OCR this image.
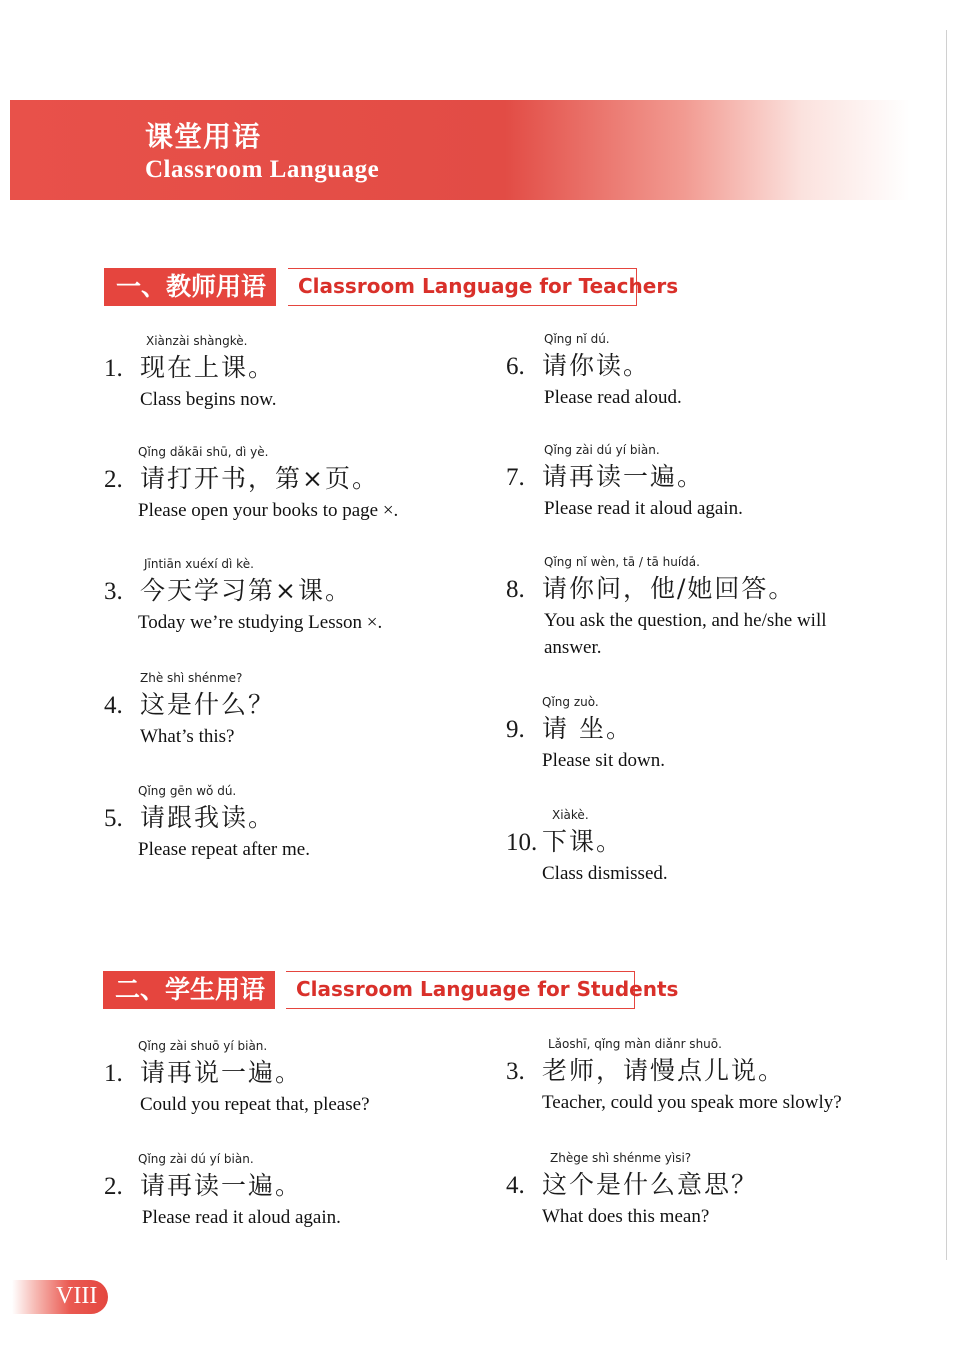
课堂用语
Classroom Language
一、教师用语	Classroom Language for Teachers
Xiànzài shàngkè.
1. 现在上课。
Class begins now.
Qǐng dǎkāi shū, dì yè.
2. 请打开书，第×页。
Please open your books to page ×.
Jīntiān xuéxí dì kè.
3. 今天学习第×课。
Today we’re studying Lesson ×.
Zhè shì shénme?
4. 这是什么？
What’s this?
Qǐng gēn wǒ dú.
5. 请跟我读。
Please repeat after me.
Qǐng nǐ dú.
6. 请你读。
Please read aloud.
Qǐng zài dú yí biàn.
7. 请再读一遍。
Please read it aloud again.
Qǐng nǐ wèn, tā / tā huídá.
8. 请你问，他/她回答。
You ask the question, and he/she will answer.
Qǐng zuò.
9. 请 坐。
Please sit down.
Xiàkè.
10. 下课。
Class dismissed.
二、学生用语	Classroom Language for Students
Qǐng zài shuō yí biàn.
1. 请再说一遍。
Could you repeat that, please?
Qǐng zài dú yí biàn.
2. 请再读一遍。
Please read it aloud again.
Lǎoshī, qǐng màn diǎnr shuō.
3. 老师，请慢点儿说。
Teacher, could you speak more slowly?
Zhège shì shénme yìsi?
4. 这个是什么意思？
What does this mean?
VIII
